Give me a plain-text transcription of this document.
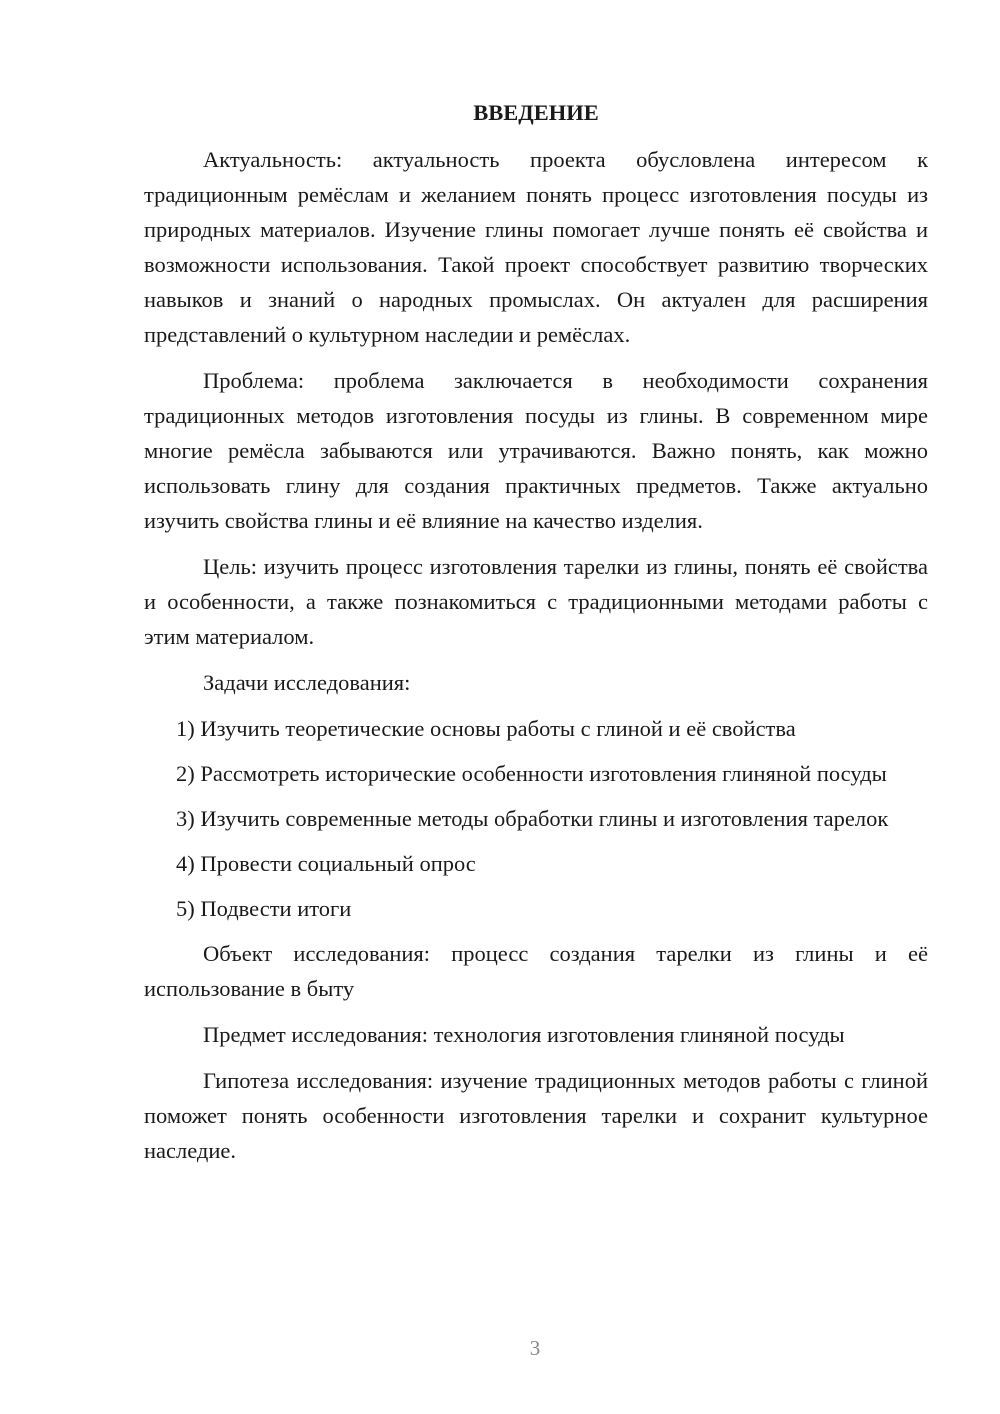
ВВЕДЕНИЕ

Актуальность: актуальность проекта обусловлена интересом к традиционным ремёслам и желанием понять процесс изготовления посуды из природных материалов. Изучение глины помогает лучше понять её свойства и возможности использования. Такой проект способствует развитию творческих навыков и знаний о народных промыслах. Он актуален для расширения представлений о культурном наследии и ремёслах.

Проблема: проблема заключается в необходимости сохранения традиционных методов изготовления посуды из глины. В современном мире многие ремёсла забываются или утрачиваются. Важно понять, как можно использовать глину для создания практичных предметов. Также актуально изучить свойства глины и её влияние на качество изделия.

Цель: изучить процесс изготовления тарелки из глины, понять её свойства и особенности, а также познакомиться с традиционными методами работы с этим материалом.

Задачи исследования:

1) Изучить теоретические основы работы с глиной и её свойства

2) Рассмотреть исторические особенности изготовления глиняной посуды

3) Изучить современные методы обработки глины и изготовления тарелок

4) Провести социальный опрос

5) Подвести итоги

Объект исследования: процесс создания тарелки из глины и её использование в быту

Предмет исследования: технология изготовления глиняной посуды

Гипотеза исследования: изучение традиционных методов работы с глиной поможет понять особенности изготовления тарелки и сохранит культурное наследие.

3
